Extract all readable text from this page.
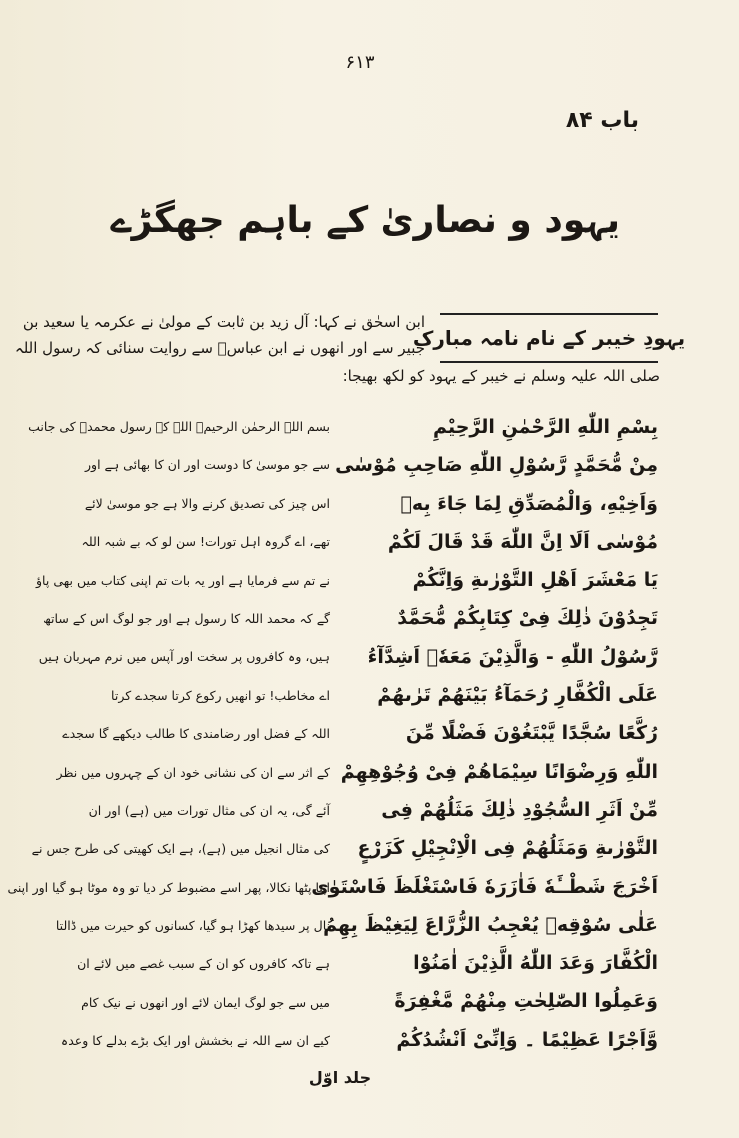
۶۱۳
باب ۸۴
یہود و نصاریٰ کے باہم جھگڑے
یہودِ خیبر کے نام نامہ مبارک
ابن اسحٰق نے کہا: آل زید بن ثابت کے مولیٰ نے عکرمہ یا سعید بن
جبیر سے اور انھوں نے ابن عباسؓ سے روایت سنائی کہ رسول اللہ
صلی اللہ علیہ وسلم نے خیبر کے یہود کو لکھ بھیجا:
بِسْمِ اللّٰهِ الرَّحْمٰنِ الرَّحِيْمِ
مِنْ مُّحَمَّدٍ رَّسُوْلِ اللّٰهِ صَاحِبِ مُوْسٰى
وَاَخِيْهِ، وَالْمُصَدِّقِ لِمَا جَاءَ بِهٖ
مُوْسٰى اَلَا اِنَّ اللّٰهَ قَدْ قَالَ لَكُمْ
يَا مَعْشَرَ اَهْلِ التَّوْرٰىةِ وَاِنَّكُمْ
تَجِدُوْنَ ذٰلِكَ فِىْ كِتَابِكُمْ مُّحَمَّدٌ
رَّسُوْلُ اللّٰهِ - وَالَّذِيْنَ مَعَهٗۤ اَشِدَّآءُ
عَلَى الْكُفَّارِ رُحَمَآءُ بَيْنَهُمْ تَرٰىهُمْ
رُكَّعًا سُجَّدًا يَّبْتَغُوْنَ فَضْلًا مِّنَ
اللّٰهِ وَرِضْوَانًا سِيْمَاهُمْ فِىْ وُجُوْهِهِمْ
مِّنْ اَثَرِ السُّجُوْدِ ذٰلِكَ مَثَلُهُمْ فِى
التَّوْرٰىةِ وَمَثَلُهُمْ فِى الْاِنْجِيْلِ كَزَرْعٍ
اَخْرَجَ شَطْــَٔهٗ فَاٰزَرَهٗ فَاسْتَغْلَظَ فَاسْتَوٰى
عَلٰى سُوْقِهٖ يُعْجِبُ الزُّرَّاعَ لِيَغِيْظَ بِهِمُ
الْكُفَّارَ وَعَدَ اللّٰهُ الَّذِيْنَ اٰمَنُوْا
وَعَمِلُوا الصّٰلِحٰتِ مِنْهُمْ مَّغْفِرَةً
وَّاَجْرًا عَظِيْمًا ۔ وَاِنِّىْ اَنْشُدُكُمْ
بسم اللہ الرحمٰن الرحیم۔ اللہ کے رسول محمدؐ کی جانب
سے جو موسیٰ کا دوست اور ان کا بھائی ہے اور
اس چیز کی تصدیق کرنے والا ہے جو موسیٰ لائے
تھے، اے گروہ اہل تورات! سن لو کہ بے شبہ اللہ
نے تم سے فرمایا ہے اور یہ بات تم اپنی کتاب میں بھی پاؤ
گے کہ محمد اللہ کا رسول ہے اور جو لوگ اس کے ساتھ
ہیں، وہ کافروں پر سخت اور آپس میں نرم مہربان ہیں
اے مخاطب! تو انھیں رکوع کرتا سجدے کرتا
اللہ کے فضل اور رضامندی کا طالب دیکھے گا سجدے
کے اثر سے ان کی نشانی خود ان کے چہروں میں نظر
آئے گی، یہ ان کی مثال تورات میں (ہے) اور ان
کی مثال انجیل میں (ہے)، ہے ایک کھیتی کی طرح جس نے
اپنا پٹھا نکالا، پھر اسے مضبوط کر دیا تو وہ موٹا ہو گیا اور اپنی
نال پر سیدھا کھڑا ہو گیا، کسانوں کو حیرت میں ڈالتا
ہے تاکہ کافروں کو ان کے سبب غصے میں لائے ان
میں سے جو لوگ ایمان لائے اور انھوں نے نیک کام
کیے ان سے اللہ نے بخشش اور ایک بڑے بدلے کا وعدہ
جلد اوّل
